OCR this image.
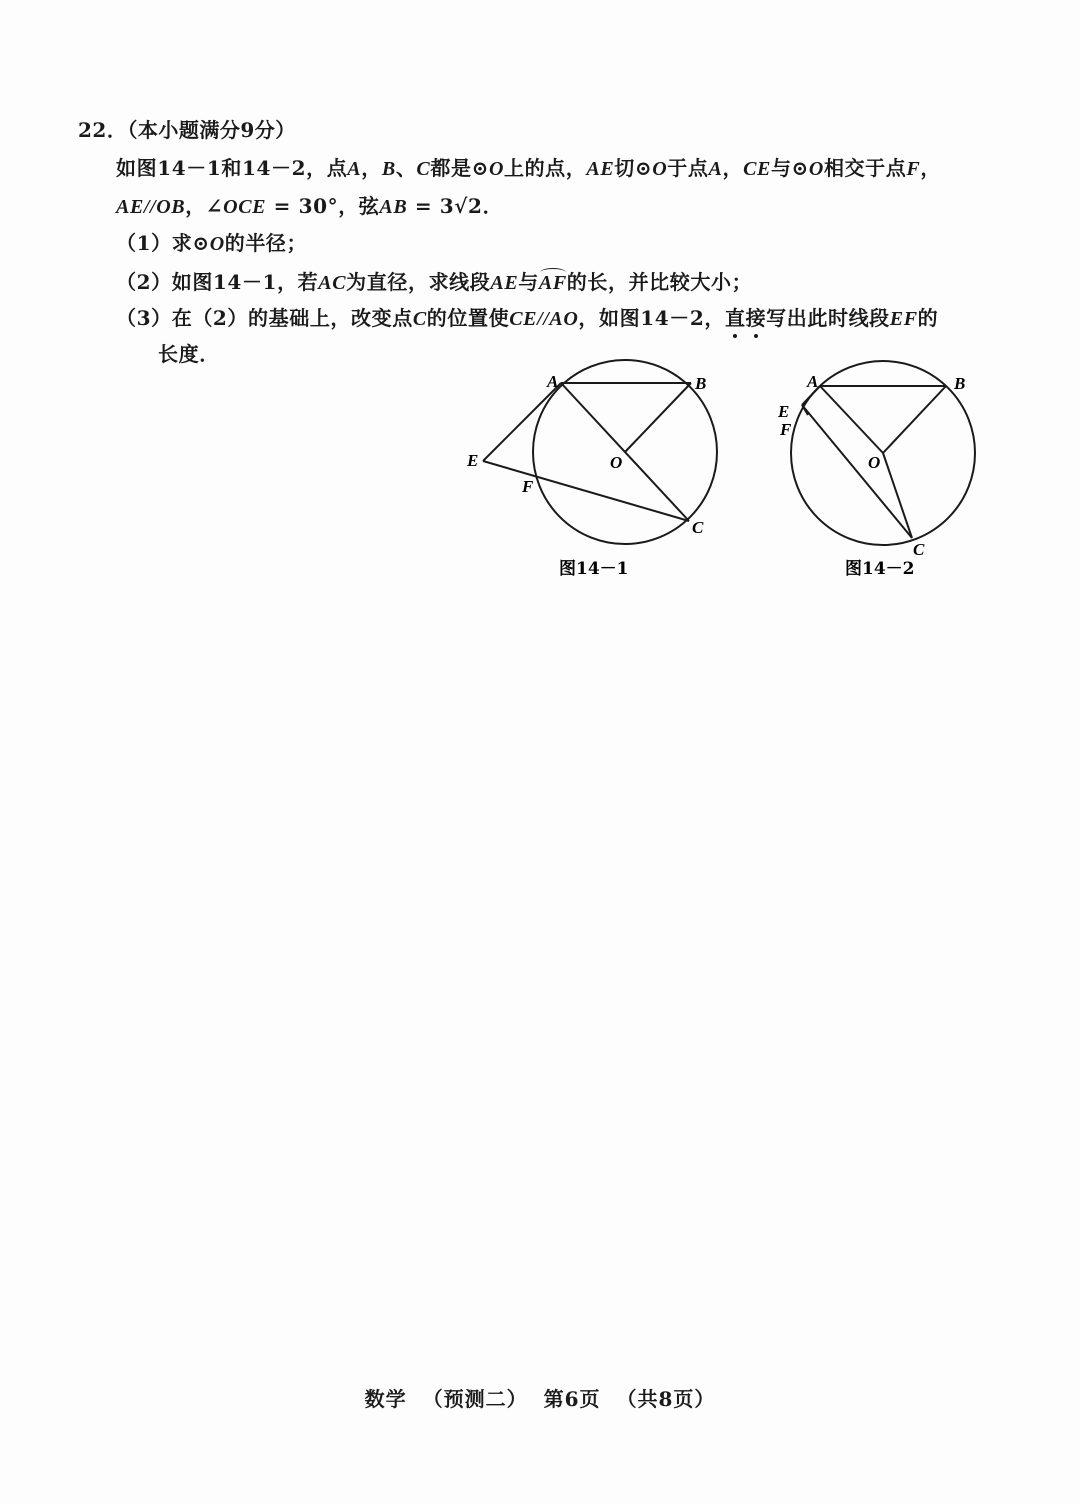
22．（本小题满分9分）
如图14－1和14－2，点A，B、C都是⊙O上的点，AE切⊙O于点A，CE与⊙O相交于点F，
AE//OB，∠OCE = 30°，弦AB = 3√2．
（1）求⊙O的半径；
（2）如图14－1，若AC为直径，求线段AE与AF的长，并比较大小；
（3）在（2）的基础上，改变点C的位置使CE//AO，如图14－2，直接写出此时线段EF的
长度．
A	B
O
E
F
C
图14－1
A	B
O
E
F
C
图14－2
数学 （预测二） 第6页 （共8页）
